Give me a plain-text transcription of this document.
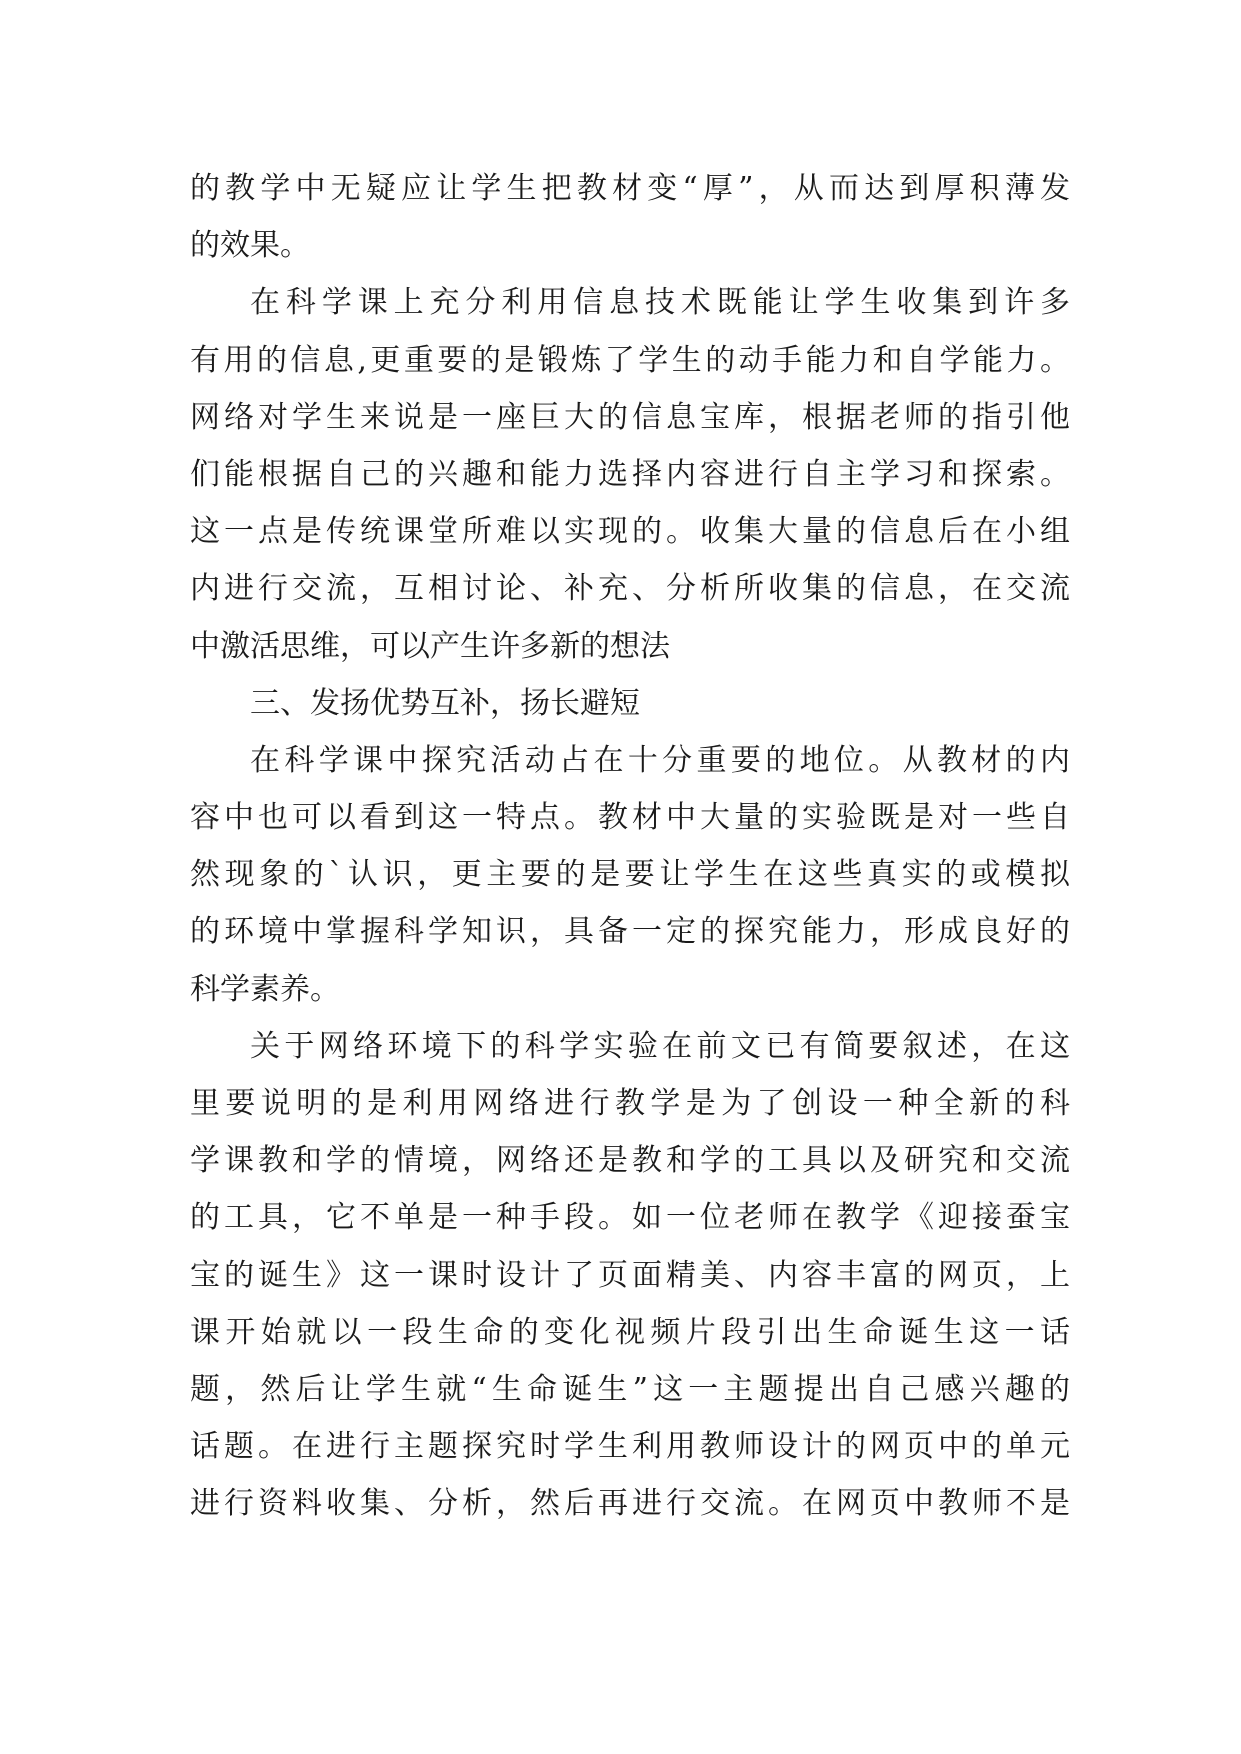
的教学中无疑应让学生把教材变“厚”，从而达到厚积薄发
的效果。
在科学课上充分利用信息技术既能让学生收集到许多
有用的信息,更重要的是锻炼了学生的动手能力和自学能力。
网络对学生来说是一座巨大的信息宝库，根据老师的指引他
们能根据自己的兴趣和能力选择内容进行自主学习和探索。
这一点是传统课堂所难以实现的。收集大量的信息后在小组
内进行交流，互相讨论、补充、分析所收集的信息，在交流
中激活思维，可以产生许多新的想法
三、发扬优势互补，扬长避短
在科学课中探究活动占在十分重要的地位。从教材的内
容中也可以看到这一特点。教材中大量的实验既是对一些自
然现象的`认识，更主要的是要让学生在这些真实的或模拟
的环境中掌握科学知识，具备一定的探究能力，形成良好的
科学素养。
关于网络环境下的科学实验在前文已有简要叙述，在这
里要说明的是利用网络进行教学是为了创设一种全新的科
学课教和学的情境，网络还是教和学的工具以及研究和交流
的工具，它不单是一种手段。如一位老师在教学《迎接蚕宝
宝的诞生》这一课时设计了页面精美、内容丰富的网页，上
课开始就以一段生命的变化视频片段引出生命诞生这一话
题，然后让学生就“生命诞生”这一主题提出自己感兴趣的
话题。在进行主题探究时学生利用教师设计的网页中的单元
进行资料收集、分析，然后再进行交流。在网页中教师不是
